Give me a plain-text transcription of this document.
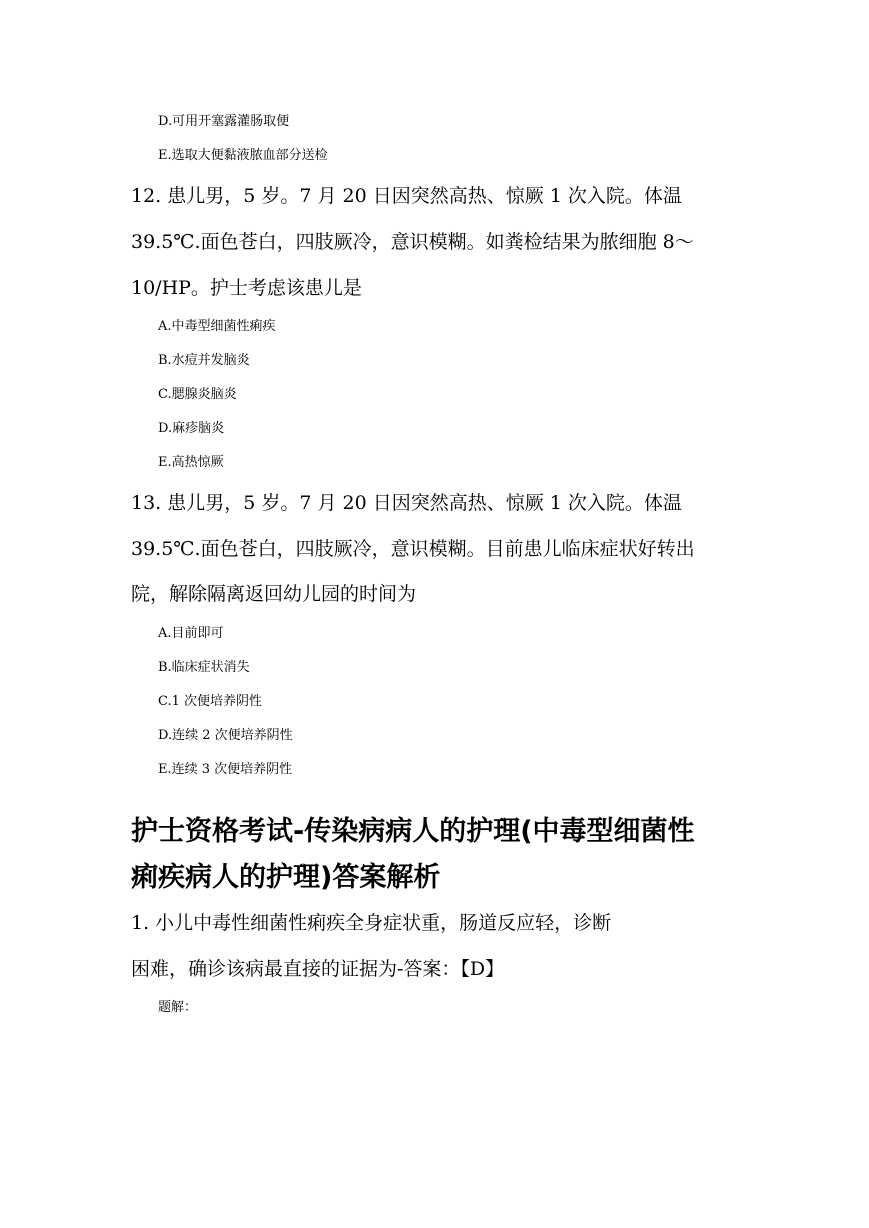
D.可用开塞露灌肠取便
E.选取大便黏液脓血部分送检
12. 患儿男，5 岁。7 月 20 日因突然高热、惊厥 1 次入院。体温
39.5℃.面色苍白，四肢厥冷，意识模糊。如粪检结果为脓细胞 8～
10/HP。护士考虑该患儿是
A.中毒型细菌性痢疾
B.水痘并发脑炎
C.腮腺炎脑炎
D.麻疹脑炎
E.高热惊厥
13. 患儿男，5 岁。7 月 20 日因突然高热、惊厥 1 次入院。体温
39.5℃.面色苍白，四肢厥冷，意识模糊。目前患儿临床症状好转出
院，解除隔离返回幼儿园的时间为
A.目前即可
B.临床症状消失
C.1 次便培养阴性
D.连续 2 次便培养阴性
E.连续 3 次便培养阴性
护士资格考试-传染病病人的护理(中毒型细菌性
痢疾病人的护理)答案解析
1. 小儿中毒性细菌性痢疾全身症状重，肠道反应轻，诊断
困难，确诊该病最直接的证据为-答案：【D】
题解：
